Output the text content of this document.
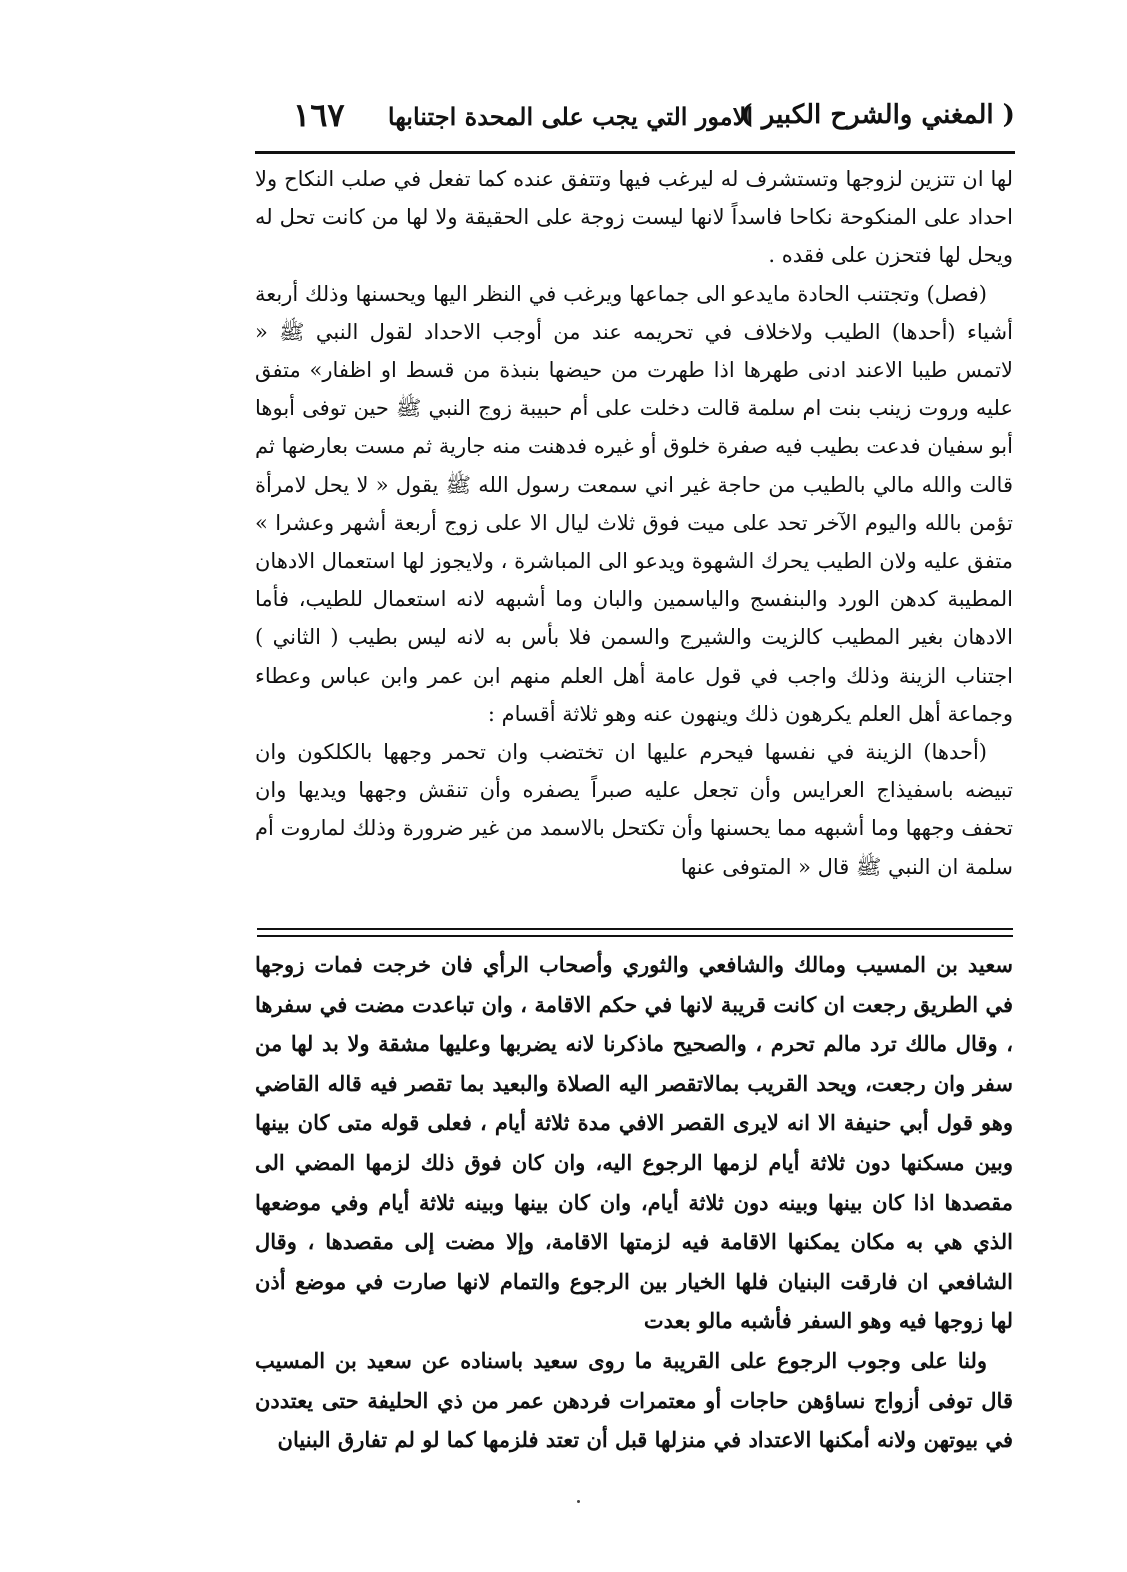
( المغني والشرح الكبير )
الامور التي يجب على المحدة اجتنابها
١٦٧

لها ان تتزين لزوجها وتستشرف له ليرغب فيها وتتفق عنده كما تفعل في صلب النكاح ولا احداد على المنكوحة نكاحا فاسداً لانها ليست زوجة على الحقيقة ولا لها من كانت تحل له ويحل لها فتحزن على فقده .

(فصل) وتجتنب الحادة مايدعو الى جماعها ويرغب في النظر اليها ويحسنها وذلك أربعة أشياء (أحدها) الطيب ولاخلاف في تحريمه عند من أوجب الاحداد لقول النبي ﷺ « لاتمس طيبا الاعند ادنى طهرها اذا طهرت من حيضها بنبذة من قسط او اظفار» متفق عليه وروت زينب بنت ام سلمة قالت دخلت على أم حبيبة زوج النبي ﷺ حين توفى أبوها أبو سفيان فدعت بطيب فيه صفرة خلوق أو غيره فدهنت منه جارية ثم مست بعارضها ثم قالت والله مالي بالطيب من حاجة غير اني سمعت رسول الله ﷺ يقول « لا يحل لامرأة تؤمن بالله واليوم الآخر تحد على ميت فوق ثلاث ليال الا على زوج أربعة أشهر وعشرا » متفق عليه ولان الطيب يحرك الشهوة ويدعو الى المباشرة ، ولايجوز لها استعمال الادهان المطيبة كدهن الورد والبنفسج والياسمين والبان وما أشبهه لانه استعمال للطيب، فأما الادهان بغير المطيب كالزيت والشيرج والسمن فلا بأس به لانه ليس بطيب ( الثاني ) اجتناب الزينة وذلك واجب في قول عامة أهل العلم منهم ابن عمر وابن عباس وعطاء وجماعة أهل العلم يكرهون ذلك وينهون عنه وهو ثلاثة أقسام :

(أحدها) الزينة في نفسها فيحرم عليها ان تختضب وان تحمر وجهها بالكلكون وان تبيضه باسفيذاج العرايس وأن تجعل عليه صبراً يصفره وأن تنقش وجهها ويديها وان تحفف وجهها وما أشبهه مما يحسنها وأن تكتحل بالاسمد من غير ضرورة وذلك لماروت أم سلمة ان النبي ﷺ قال « المتوفى عنها

سعيد بن المسيب ومالك والشافعي والثوري وأصحاب الرأي فان خرجت فمات زوجها في الطريق رجعت ان كانت قريبة لانها في حكم الاقامة ، وان تباعدت مضت في سفرها ، وقال مالك ترد مالم تحرم ، والصحيح ماذكرنا لانه يضربها وعليها مشقة ولا بد لها من سفر وان رجعت، ويحد القريب بمالاتقصر اليه الصلاة والبعيد بما تقصر فيه قاله القاضي وهو قول أبي حنيفة الا انه لايرى القصر الافي مدة ثلاثة أيام ، فعلى قوله متى كان بينها وبين مسكنها دون ثلاثة أيام لزمها الرجوع اليه، وان كان فوق ذلك لزمها المضي الى مقصدها اذا كان بينها وبينه دون ثلاثة أيام، وان كان بينها وبينه ثلاثة أيام وفي موضعها الذي هي به مكان يمكنها الاقامة فيه لزمتها الاقامة، وإلا مضت إلى مقصدها ، وقال الشافعي ان فارقت البنيان فلها الخيار بين الرجوع والتمام لانها صارت في موضع أذن لها زوجها فيه وهو السفر فأشبه مالو بعدت

ولنا على وجوب الرجوع على القريبة ما روى سعيد باسناده عن سعيد بن المسيب قال توفى أزواج نساؤهن حاجات أو معتمرات فردهن عمر من ذي الحليفة حتى يعتددن في بيوتهن ولانه أمكنها الاعتداد في منزلها قبل أن تعتد فلزمها كما لو لم تفارق البنيان
